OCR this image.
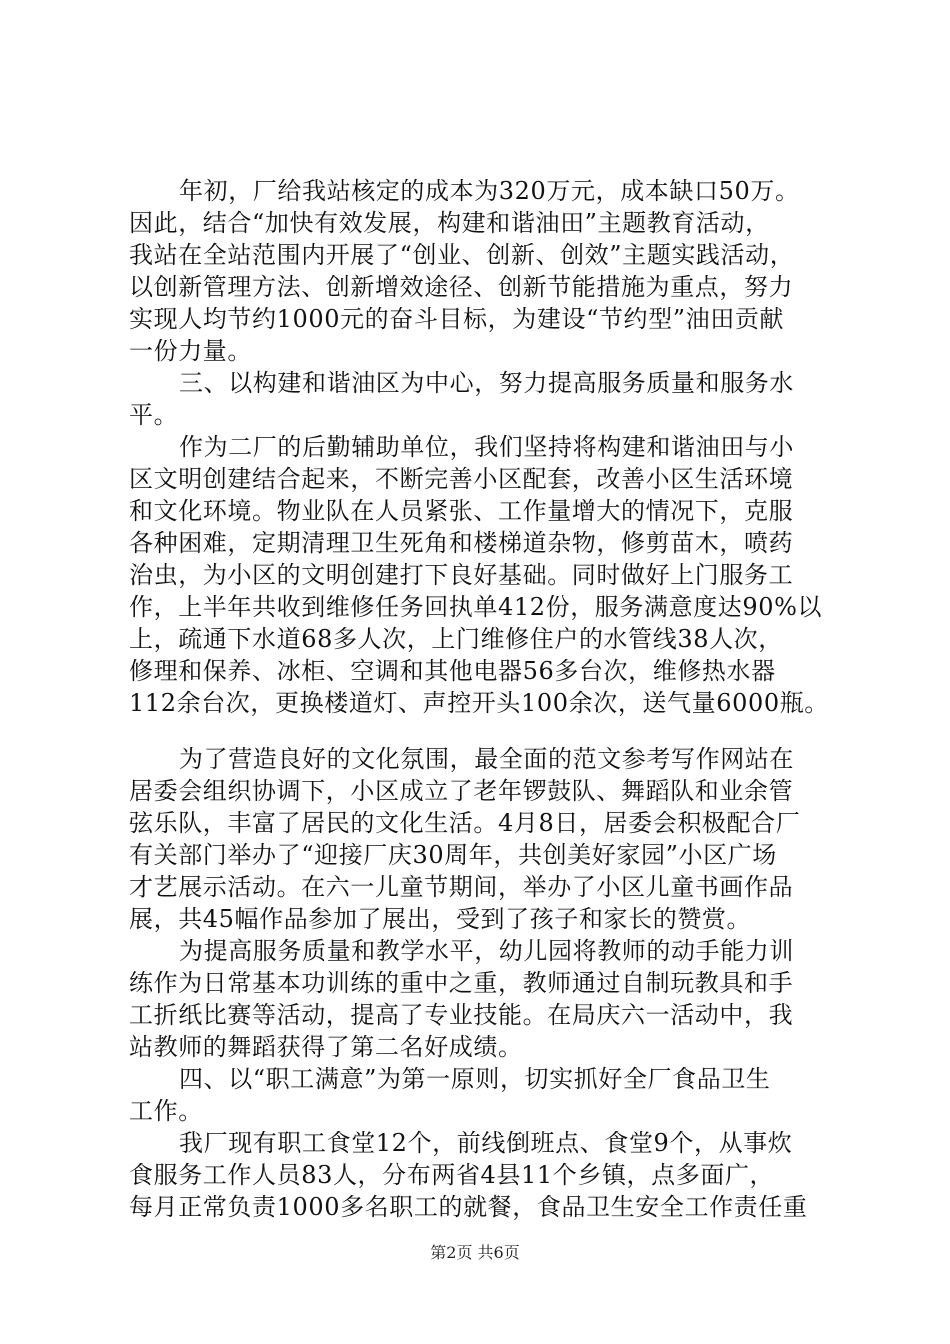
年初，厂给我站核定的成本为320万元，成本缺口50万。
因此，结合“加快有效发展，构建和谐油田”主题教育活动，
我站在全站范围内开展了“创业、创新、创效”主题实践活动，
以创新管理方法、创新增效途径、创新节能措施为重点，努力
实现人均节约1000元的奋斗目标，为建设“节约型”油田贡献
一份力量。
三、以构建和谐油区为中心，努力提高服务质量和服务水
平。
作为二厂的后勤辅助单位，我们坚持将构建和谐油田与小
区文明创建结合起来，不断完善小区配套，改善小区生活环境
和文化环境。物业队在人员紧张、工作量增大的情况下，克服
各种困难，定期清理卫生死角和楼梯道杂物，修剪苗木，喷药
治虫，为小区的文明创建打下良好基础。同时做好上门服务工
作，上半年共收到维修任务回执单412份，服务满意度达90%以
上，疏通下水道68多人次，上门维修住户的水管线38人次，
修理和保养、冰柜、空调和其他电器56多台次，维修热水器
112余台次，更换楼道灯、声控开头100余次，送气量6000瓶。
为了营造良好的文化氛围，最全面的范文参考写作网站在
居委会组织协调下，小区成立了老年锣鼓队、舞蹈队和业余管
弦乐队，丰富了居民的文化生活。4月8日，居委会积极配合厂
有关部门举办了“迎接厂庆30周年，共创美好家园”小区广场
才艺展示活动。在六一儿童节期间，举办了小区儿童书画作品
展，共45幅作品参加了展出，受到了孩子和家长的赞赏。
为提高服务质量和教学水平，幼儿园将教师的动手能力训
练作为日常基本功训练的重中之重，教师通过自制玩教具和手
工折纸比赛等活动，提高了专业技能。在局庆六一活动中，我
站教师的舞蹈获得了第二名好成绩。
四、以“职工满意”为第一原则，切实抓好全厂食品卫生
工作。
我厂现有职工食堂12个，前线倒班点、食堂9个，从事炊
食服务工作人员83人，分布两省4县11个乡镇，点多面广，
每月正常负责1000多名职工的就餐，食品卫生安全工作责任重
第2页 共6页
